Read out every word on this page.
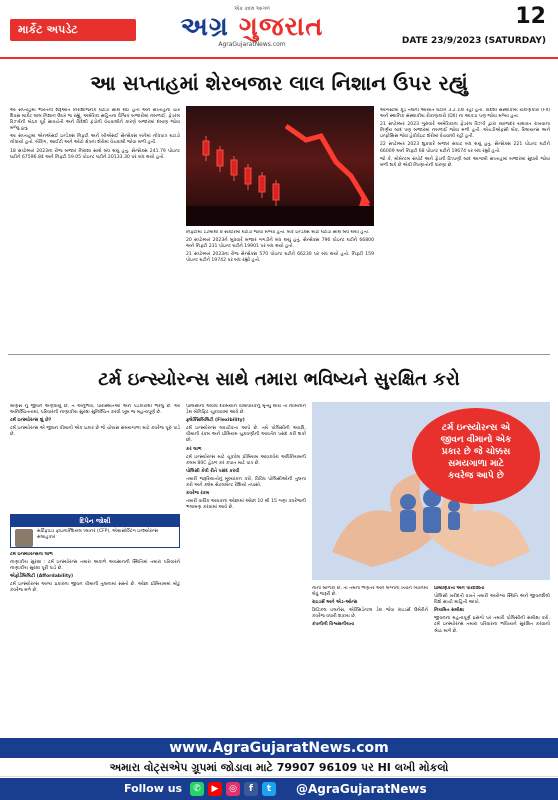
માર્કેટ અપડેટ
એક કદમ આગળ
અગ્ર ગુજરાત
AgraGujaratNews.com
12
DATE 23/9/2023 (SATURDAY)
આ સપ્તાહમાં શેરબજાર લાલ નિશાન ઉપર રહ્યું

આ સપ્તાહમાં ભારતની શરૂઆત નિરાશાજનક ઘટાડા સાથે થઈ હતી અને સપ્તાહના ચાર દિવસ માર્કેટ લાલ નિશાન ઉપર જ રહ્યું. અમેરિકા સહિતના વૈશ્વિક બજારોમાં નબળાઈ, ફેડરલ રિઝર્વની બેઠક પૂર્વે સાવચેતી અને વિદેશી ફંડોની વેચવાલીને કારણે બજારમાં દબાણ જોવા મળ્યું હતું.

આ સપ્તાહમાં એનએસઈ ઇન્ડેક્સ નિફ્ટી અને બીએસઈ સેન્સેક્સ બંનેમાં નોંધપાત્ર ઘટાડો નોંધાયો હતો. બેંકિંગ, આઈટી અને ઓટો ક્ષેત્રના શેરોમાં વેચવાલી જોવા મળી હતી.

18 સપ્ટેમ્બર 2023ના રોજ બજાર નિરાશા સાથે બંધ થયું હતું. સેન્સેક્સ 241.79 પોઇન્ટ ઘટીને 67596.84 અને નિફ્ટી 59.05 પોઇન્ટ ઘટીને 20133.30 પર બંધ થયો હતો.

નિફ્ટીમાં 12માંથી 8 સેક્ટરમાં ઘટાડો જોવા મળ્યો હતો. બેંક ઇન્ડેક્સ મોટા ઘટાડા સાથે બંધ થયો હતો.

20 સપ્ટેમ્બર 2023ને બુધવારે બજાર ગગડીને બંધ થયું હતું. સેન્સેક્સ 796 પોઇન્ટ ઘટીને 66800 અને નિફ્ટી 231 પોઇન્ટ ઘટીને 19901 પર બંધ થયો હતો.

21 સપ્ટેમ્બર 2023ના રોજ સેન્સેક્સ 570 પોઇન્ટ ઘટીને 66230 પર બંધ થયો હતો. નિફ્ટી 159 પોઇન્ટ ઘટીને 19742 પર બંધ રહ્યો હતો.

ઓગસ્ટમાં ક્રૂડ તેલની આયાત ઘટીને 3.2 ટકા રહી હતી. વિદેશી સંસ્થાકીય રોકાણકારો (FII) અને સ્થાનિક સંસ્થાકીય રોકાણકારો (DII) ના આંકડા પણ જોવા મળ્યા હતા.

21 સપ્ટેમ્બર 2023 ગુરુવારે અમેરિકાના ફેડરલ રિઝર્વ દ્વારા વ્યાજદર યથાવત રાખવાના નિર્ણય બાદ પણ બજારમાં નબળાઈ જોવા મળી હતી. એચડીએફસી બેંક, રિલાયન્સ અને ઇન્ફોસિસ જેવા હેવીવેઇટ શેરોમાં વેચવાલી રહી હતી.

22 સપ્ટેમ્બર 2023 શુક્રવારે બજાર સપાટ બંધ થયું હતું. સેન્સેક્સ 221 પોઇન્ટ ઘટીને 66009 અને નિફ્ટી 68 પોઇન્ટ ઘટીને 19674 પર બંધ રહ્યો હતો.

જો કે, મોમેન્ટમ સપોર્ટ અને ફેડની ટિપ્પણી બાદ આગામી સપ્તાહમાં બજારમાં સુધારો જોવા મળી શકે છે એવી નિષ્ણાતોની ધારણા છે.

ટર્મ ઇન્સ્યોરન્સ સાથે તમારા ભવિષ્યને સુરક્ષિત કરો

માણસ નું જીવન અણધાર્યું છે. તે અનુભવો, પરિસ્થિતિઓ અને પડકારોથી ભરેલું છે. આ અનિશ્ચિતતામાં, પરિવારની નાણાકીય સુરક્ષા સુનિશ્ચિત કરવી ખૂબ જ મહત્વપૂર્ણ છે.

ટર્મ ઇન્સ્યોરન્સ શું છે?

ટર્મ ઇન્સ્યોરન્સ એ જીવન વીમાનો એક પ્રકાર છે જે ચોક્કસ સમયગાળા માટે કવરેજ પૂરું પાડે છે.

દિપેન જોશી
સર્ટિફાઇડ ફાઇનાન્શિયલ પ્લાનર (CFP), એગ્રાસોલ્ટિંગ ઇન્શ્યોરન્સ સલાહકાર

ટર્મ ઇન્સ્યોરન્સના લાભ

નાણાકીય સુરક્ષા : ટર્મ ઇન્સ્યોરન્સ તમારા અકાળે અવસાનની સ્થિતિમાં તમારા પરિવારને નાણાકીય સુરક્ષા પૂરી પાડે છે.

એફોર્ડેબિલિટી (Affordability)

ટર્મ ઇન્સ્યોરન્સ અન્ય પ્રકારના જીવન વીમાની તુલનામાં સસ્તો છે. ઓછા પ્રીમિયમમાં મોટું કવરેજ મળે છે.

પોલિસીની અવધિ દરમિયાન વીમાધારકનું મૃત્યુ થાય તો નોમિનીને ડેથ બેનિફિટ ચૂકવવામાં આવે છે.

ફ્લેક્સિબિલિટી (Flexibility)

ટર્મ ઇન્સ્યોરન્સ લવચીકતા આપે છે. તમે પોલિસીની અવધિ, વીમાની રકમ અને પ્રીમિયમ ચુકવણીની આવર્તન પસંદ કરી શકો છો.

કર લાભ

ટર્મ ઇન્સ્યોરન્સ માટે ચૂકવેલ પ્રીમિયમ આવકવેરા અધિનિયમની કલમ 80C હેઠળ કર કપાત માટે પાત્ર છે.

પોલિસી કેવી રીતે પસંદ કરવી

તમારી જરૂરિયાતોનું મૂલ્યાંકન કરો, વિવિધ પોલિસીઓની તુલના કરો અને ક્લેમ સેટલમેન્ટ રેશિયો તપાસો.

કવરેજ રકમ

તમારી વાર્ષિક આવકના ઓછામાં ઓછા 10 થી 15 ગણા કવરેજની ભલામણ કરવામાં આવે છે.

ટર્મ ઇન્સ્યોરન્સ એ
જીવન વીમાનો એક
પ્રકાર છે જે ચોક્કસ
સમયગાળા માટે
કવરેજ આપે છે

નાના બાળકો છે, તો તેમના ભણતર અને લગ્નના ખર્ચને ધ્યાનમાં લેવું જરૂરી છે.

રાઇડર્સ અને એડ-ઓન્સ

ક્રિટિકલ ઇલનેસ, એક્સિડેન્ટલ ડેથ જેવા રાઇડર્સ ઉમેરીને કવરેજ વધારી શકાય છે.

કંપનીની વિશ્વસનીયતા

પ્રામાણિકતા અને પારદર્શિતા

પોલિસી ખરીદતી વખતે તમારી આરોગ્ય સ્થિતિ અને જીવનશૈલી વિશે સાચી માહિતી આપો.

નિયમિત સમીક્ષા

જીવનના મહત્વપૂર્ણ પ્રસંગો પર તમારી પોલિસીની સમીક્ષા કરો. ટર્મ ઇન્સ્યોરન્સ તમારા પરિવારના ભવિષ્યને સુરક્ષિત કરવાનો શ્રેષ્ઠ માર્ગ છે.

www.AgraGujaratNews.com
અમારા વોટ્સએપ ગ્રૂપમાં જોડાવા માટે 79907 96109 પર HI લખી મોકલો
Follow us	✆	▶	◎	f	t	@AgraGujaratNews
